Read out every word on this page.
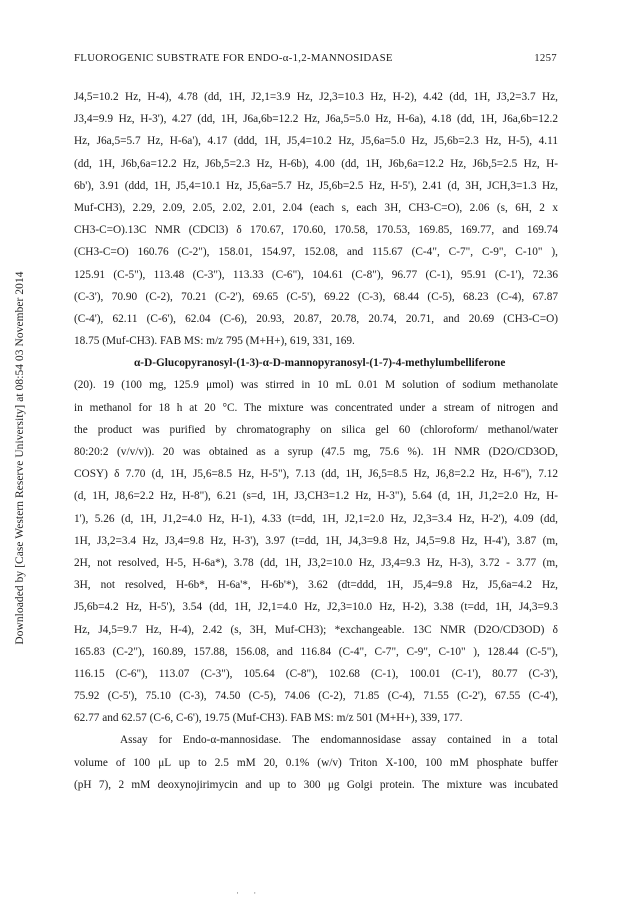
Downloaded by [Case Western Reserve University] at 08:54 03 November 2014
FLUOROGENIC SUBSTRATE FOR ENDO-α-1,2-MANNOSIDASE	1257
J4,5=10.2 Hz, H-4), 4.78 (dd, 1H, J2,1=3.9 Hz, J2,3=10.3 Hz, H-2), 4.42 (dd, 1H, J3,2=3.7 Hz,
J3,4=9.9 Hz, H-3'), 4.27 (dd, 1H, J6a,6b=12.2 Hz, J6a,5=5.0 Hz, H-6a), 4.18 (dd, 1H, J6a,6b=12.2
Hz, J6a,5=5.7 Hz, H-6a'), 4.17 (ddd, 1H, J5,4=10.2 Hz, J5,6a=5.0 Hz, J5,6b=2.3 Hz, H-5), 4.11
(dd, 1H, J6b,6a=12.2 Hz, J6b,5=2.3 Hz, H-6b), 4.00 (dd, 1H, J6b,6a=12.2 Hz, J6b,5=2.5 Hz, H-
6b'), 3.91 (ddd, 1H, J5,4=10.1 Hz, J5,6a=5.7 Hz, J5,6b=2.5 Hz, H-5'), 2.41 (d, 3H, JCH,3=1.3 Hz,
Muf-CH3), 2.29, 2.09, 2.05, 2.02, 2.01, 2.04 (each s, each 3H, CH3-C=O), 2.06 (s, 6H, 2 x
CH3-C=O).13C NMR (CDCl3) δ 170.67, 170.60, 170.58, 170.53, 169.85, 169.77, and 169.74
(CH3-C=O) 160.76 (C-2"), 158.01, 154.97, 152.08, and 115.67 (C-4", C-7", C-9", C-10" ),
125.91 (C-5"), 113.48 (C-3"), 113.33 (C-6"), 104.61 (C-8"), 96.77 (C-1), 95.91 (C-1'), 72.36
(C-3'), 70.90 (C-2), 70.21 (C-2'), 69.65 (C-5'), 69.22 (C-3), 68.44 (C-5), 68.23 (C-4), 67.87
(C-4'), 62.11 (C-6'), 62.04 (C-6), 20.93, 20.87, 20.78, 20.74, 20.71, and 20.69 (CH3-C=O)
18.75 (Muf-CH3). FAB MS: m/z 795 (M+H+), 619, 331, 169.
α-D-Glucopyranosyl-(1-3)-α-D-mannopyranosyl-(1-7)-4-methylumbelliferone
(20). 19 (100 mg, 125.9 μmol) was stirred in 10 mL 0.01 M solution of sodium methanolate
in methanol for 18 h at 20 °C. The mixture was concentrated under a stream of nitrogen and
the product was purified by chromatography on silica gel 60 (chloroform/ methanol/water
80:20:2 (v/v/v)). 20 was obtained as a syrup (47.5 mg, 75.6 %). 1H NMR (D2O/CD3OD,
COSY) δ 7.70 (d, 1H, J5,6=8.5 Hz, H-5"), 7.13 (dd, 1H, J6,5=8.5 Hz, J6,8=2.2 Hz, H-6"), 7.12
(d, 1H, J8,6=2.2 Hz, H-8"), 6.21 (s=d, 1H, J3,CH3=1.2 Hz, H-3"), 5.64 (d, 1H, J1,2=2.0 Hz, H-
1'), 5.26 (d, 1H, J1,2=4.0 Hz, H-1), 4.33 (t=dd, 1H, J2,1=2.0 Hz, J2,3=3.4 Hz, H-2'), 4.09 (dd,
1H, J3,2=3.4 Hz, J3,4=9.8 Hz, H-3'), 3.97 (t=dd, 1H, J4,3=9.8 Hz, J4,5=9.8 Hz, H-4'), 3.87 (m,
2H, not resolved, H-5, H-6a*), 3.78 (dd, 1H, J3,2=10.0 Hz, J3,4=9.3 Hz, H-3), 3.72 - 3.77 (m,
3H, not resolved, H-6b*, H-6a'*, H-6b'*), 3.62 (dt=ddd, 1H, J5,4=9.8 Hz, J5,6a=4.2 Hz,
J5,6b=4.2 Hz, H-5'), 3.54 (dd, 1H, J2,1=4.0 Hz, J2,3=10.0 Hz, H-2), 3.38 (t=dd, 1H, J4,3=9.3
Hz, J4,5=9.7 Hz, H-4), 2.42 (s, 3H, Muf-CH3); *exchangeable. 13C NMR (D2O/CD3OD) δ
165.83 (C-2"), 160.89, 157.88, 156.08, and 116.84 (C-4", C-7", C-9", C-10" ), 128.44 (C-5"),
116.15 (C-6"), 113.07 (C-3"), 105.64 (C-8"), 102.68 (C-1), 100.01 (C-1'), 80.77 (C-3'),
75.92 (C-5'), 75.10 (C-3), 74.50 (C-5), 74.06 (C-2), 71.85 (C-4), 71.55 (C-2'), 67.55 (C-4'),
62.77 and 62.57 (C-6, C-6'), 19.75 (Muf-CH3). FAB MS: m/z 501 (M+H+), 339, 177.
Assay for Endo-α-mannosidase. The endomannosidase assay contained in a total
volume of 100 μL up to 2.5 mM 20, 0.1% (w/v) Triton X-100, 100 mM phosphate buffer
(pH 7), 2 mM deoxynojirimycin and up to 300 μg Golgi protein. The mixture was incubated
· ·
